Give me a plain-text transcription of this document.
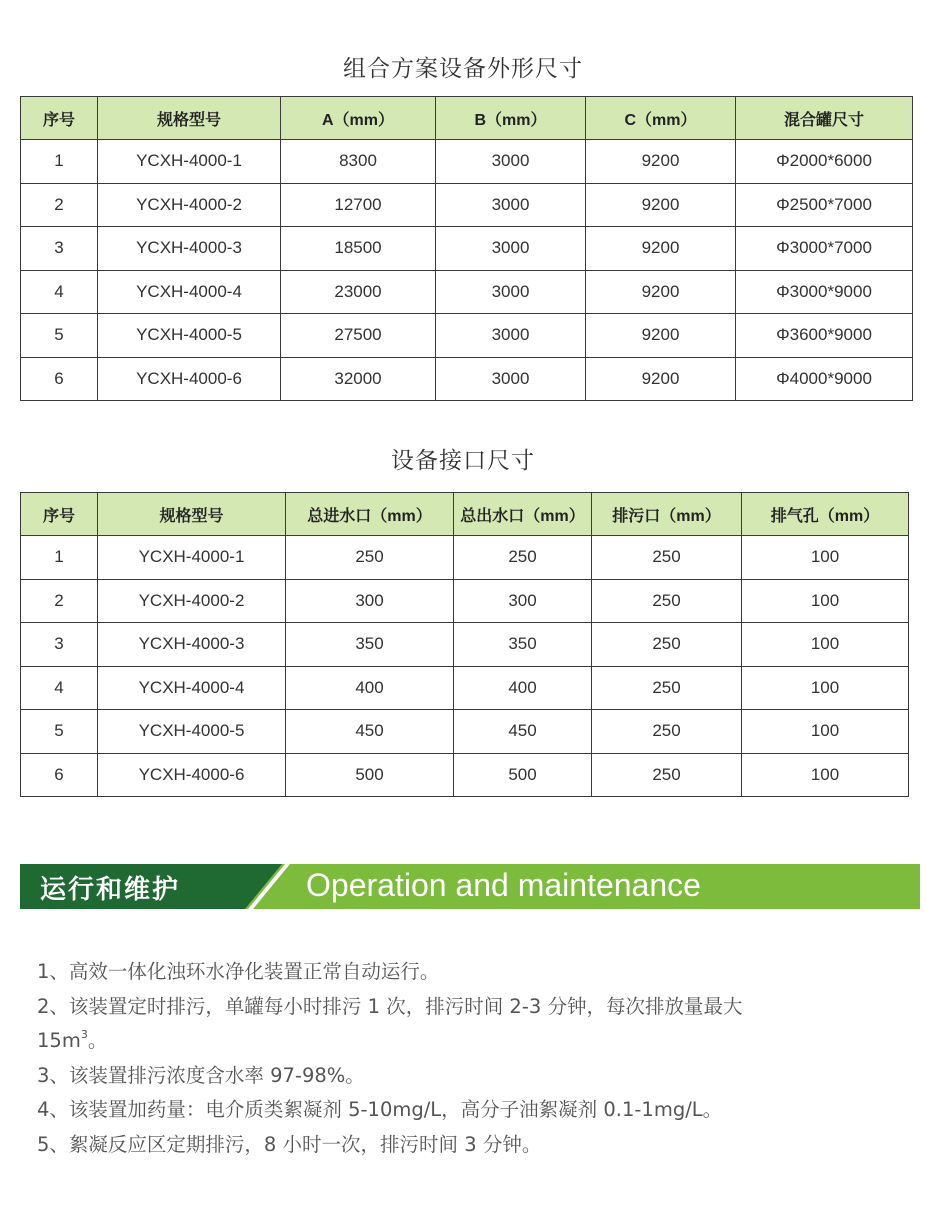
组合方案设备外形尺寸
序号	规格型号	A（mm）	B（mm）	C（mm）	混合罐尺寸
1	YCXH-4000-1	8300	3000	9200	Φ2000*6000
2	YCXH-4000-2	12700	3000	9200	Φ2500*7000
3	YCXH-4000-3	18500	3000	9200	Φ3000*7000
4	YCXH-4000-4	23000	3000	9200	Φ3000*9000
5	YCXH-4000-5	27500	3000	9200	Φ3600*9000
6	YCXH-4000-6	32000	3000	9200	Φ4000*9000
设备接口尺寸
序号	规格型号	总进水口（mm）	总出水口（mm）	排污口（mm）	排气孔（mm）
1	YCXH-4000-1	250	250	250	100
2	YCXH-4000-2	300	300	250	100
3	YCXH-4000-3	350	350	250	100
4	YCXH-4000-4	400	400	250	100
5	YCXH-4000-5	450	450	250	100
6	YCXH-4000-6	500	500	250	100
运行和维护	Operation and maintenance

1、高效一体化浊环水净化装置正常自动运行。

2、该装置定时排污，单罐每小时排污 1 次，排污时间 2-3 分钟，每次排放量最大

$15m^3$。

3、该装置排污浓度含水率 97-98%。

4、该装置加药量：电介质类絮凝剂 5-10mg/L，高分子油絮凝剂 0.1-1mg/L。

5、絮凝反应区定期排污，8 小时一次，排污时间 3 分钟。
